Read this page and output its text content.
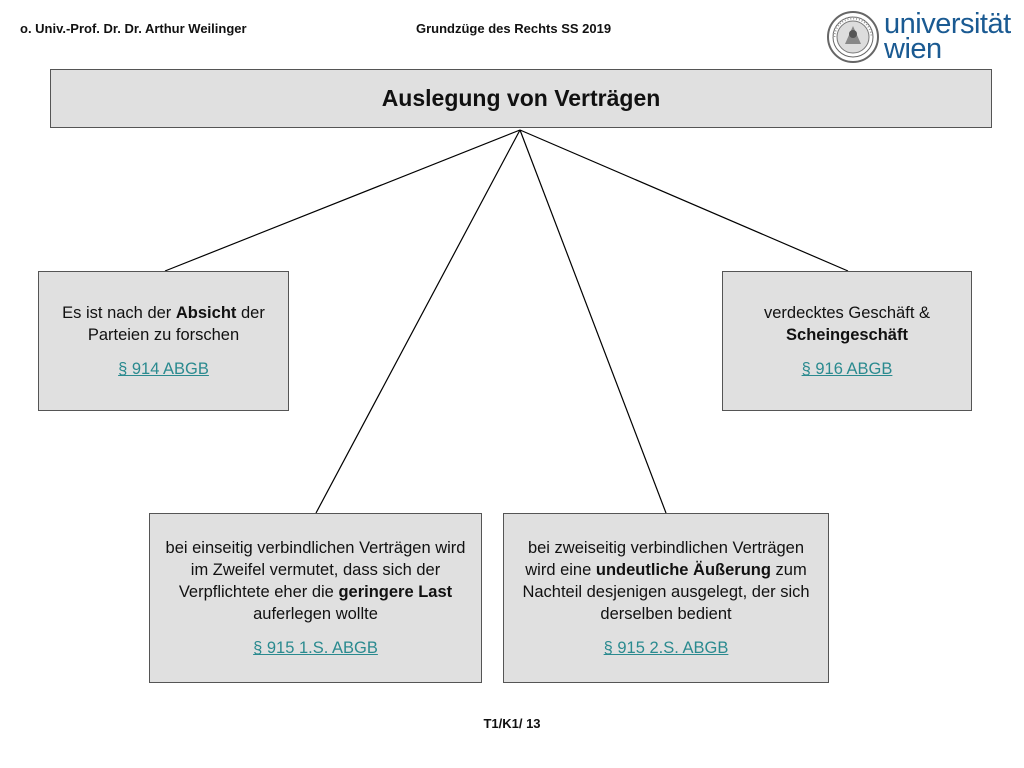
o. Univ.-Prof. Dr. Dr. Arthur Weilinger	Grundzüge des Rechts SS 2019	universität
wien
Auslegung von Verträgen
Es ist nach der Absicht der Parteien zu forschen
§ 914 ABGB
verdecktes Geschäft & Scheingeschäft
§ 916 ABGB
bei einseitig verbindlichen Verträgen wird im Zweifel vermutet, dass sich der Verpflichtete eher die geringere Last auferlegen wollte
§ 915 1.S. ABGB
bei zweiseitig verbindlichen Verträgen wird eine undeutliche Äußerung zum Nachteil desjenigen ausgelegt, der sich derselben bedient
§ 915 2.S. ABGB
T1/K1/ 13
